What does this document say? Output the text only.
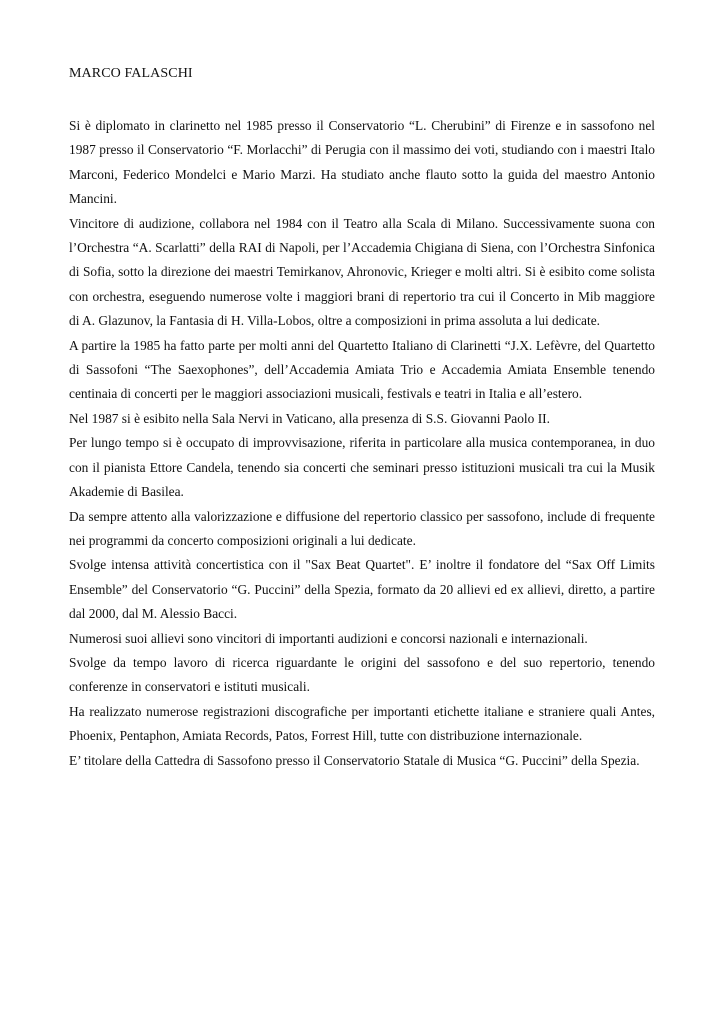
MARCO FALASCHI

Si è diplomato in clarinetto nel 1985 presso il Conservatorio “L. Cherubini” di Firenze e in sassofono nel 1987 presso il Conservatorio “F. Morlacchi” di Perugia con il massimo dei voti, studiando con i maestri Italo Marconi, Federico Mondelci e Mario Marzi. Ha studiato anche flauto sotto la guida del maestro Antonio Mancini.

Vincitore di audizione, collabora nel 1984 con il Teatro alla Scala di Milano. Successivamente suona con l’Orchestra “A. Scarlatti” della RAI di Napoli, per l’Accademia Chigiana di Siena, con l’Orchestra Sinfonica di Sofia, sotto la direzione dei maestri Temirkanov, Ahronovic, Krieger e molti altri. Si è esibito come solista con orchestra, eseguendo numerose volte i maggiori brani di repertorio tra cui il Concerto in Mib maggiore di A. Glazunov, la Fantasia di H. Villa-Lobos, oltre a composizioni in prima assoluta a lui dedicate.

A partire la 1985 ha fatto parte per molti anni del Quartetto Italiano di Clarinetti “J.X. Lefèvre, del Quartetto di Sassofoni “The Saexophones”, dell’Accademia Amiata Trio e Accademia Amiata Ensemble tenendo centinaia di concerti per le maggiori associazioni musicali, festivals e teatri in Italia e all’estero.

Nel 1987 si è esibito nella Sala Nervi in Vaticano, alla presenza di S.S. Giovanni Paolo II.

Per lungo tempo si è occupato di improvvisazione, riferita in particolare alla musica contemporanea, in duo con il pianista Ettore Candela, tenendo sia concerti che seminari presso istituzioni musicali tra cui la Musik Akademie di Basilea.

Da sempre attento alla valorizzazione e diffusione del repertorio classico per sassofono, include di frequente nei programmi da concerto composizioni originali a lui dedicate.

Svolge intensa attività concertistica con il "Sax Beat Quartet". E’ inoltre il fondatore del “Sax Off Limits Ensemble” del Conservatorio “G. Puccini” della Spezia, formato da 20 allievi ed ex allievi, diretto, a partire dal 2000, dal M. Alessio Bacci.

Numerosi suoi allievi sono vincitori di importanti audizioni e concorsi nazionali e internazionali.

Svolge da tempo lavoro di ricerca riguardante le origini del sassofono e del suo repertorio, tenendo conferenze in conservatori e istituti musicali.

Ha realizzato numerose registrazioni discografiche per importanti etichette italiane e straniere quali Antes, Phoenix, Pentaphon, Amiata Records, Patos, Forrest Hill, tutte con distribuzione internazionale.

E’ titolare della Cattedra di Sassofono presso il Conservatorio Statale di Musica “G. Puccini” della Spezia.
